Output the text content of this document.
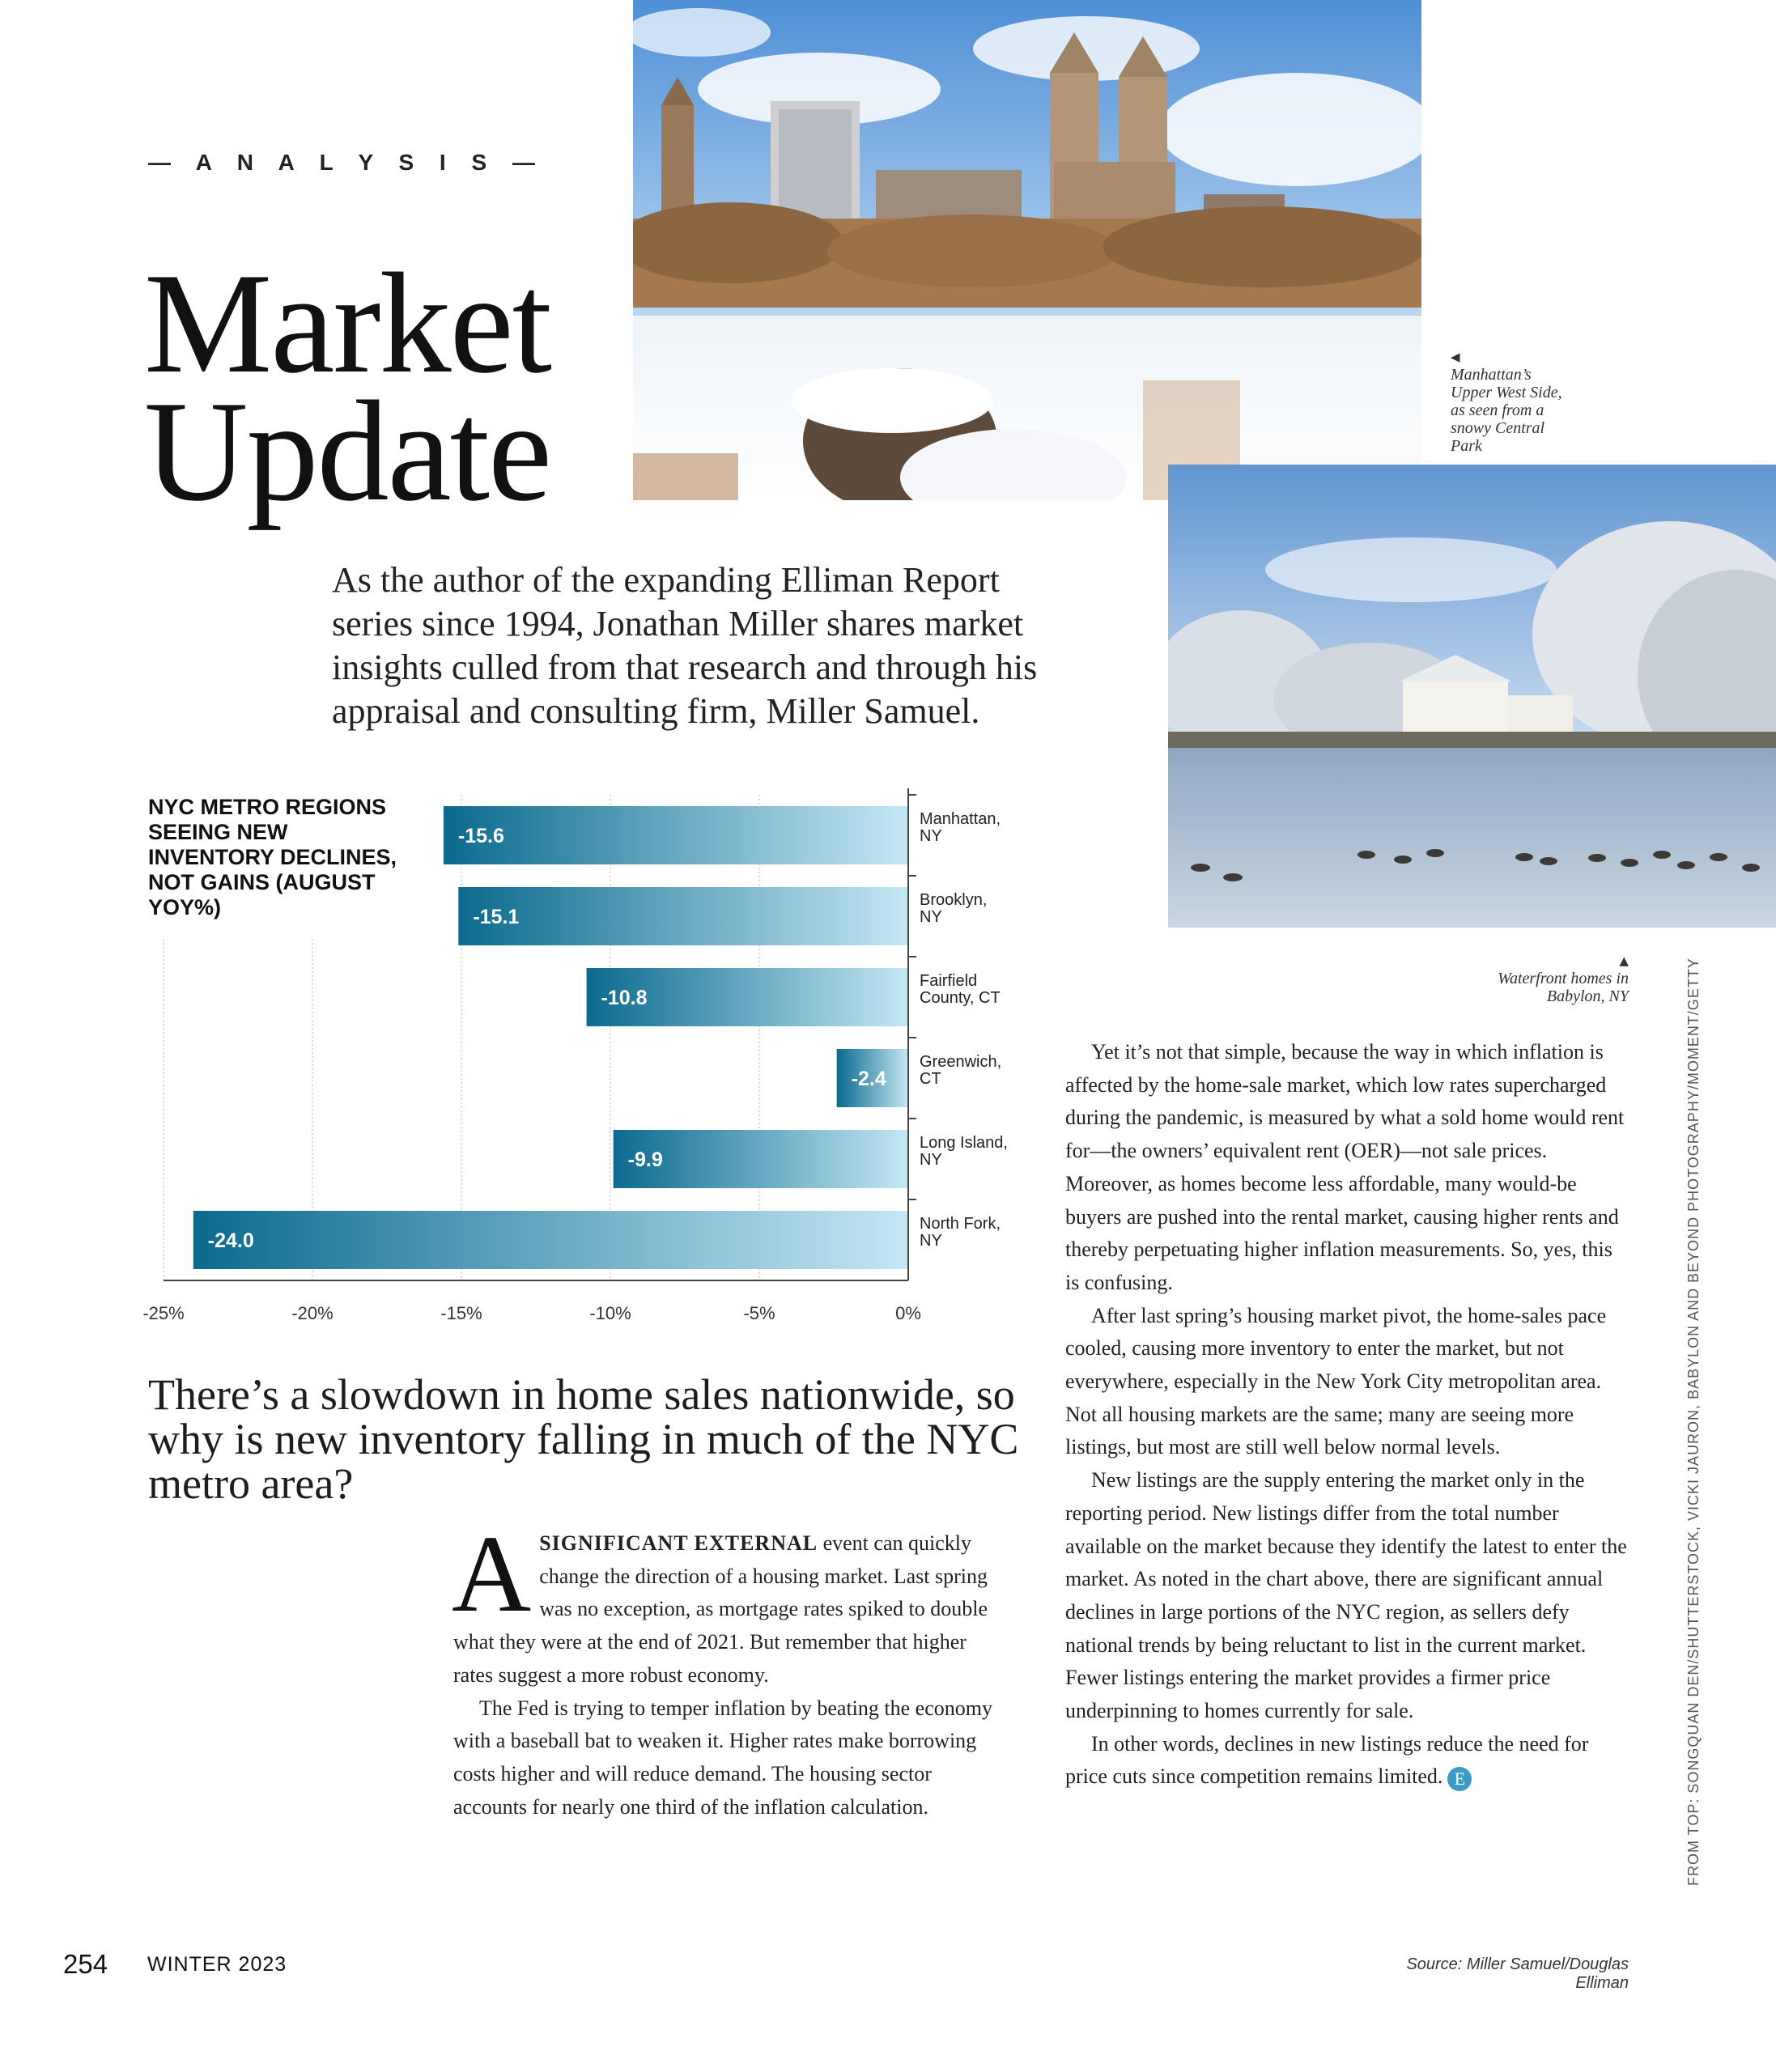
— A N A L Y S I S —
Market
Update
As the author of the expanding Elliman Report series since 1994, Jonathan Miller shares market insights culled from that research and through his appraisal and consulting firm, Miller Samuel.
◀
Manhattan’s Upper West Side, as seen from a snowy Central Park
▲
Waterfront homes in Babylon, NY
NYC METRO REGIONS SEEING NEW INVENTORY DECLINES, NOT GAINS (AUGUST YOY%)
-15.6
Manhattan,
NY
-15.1
Brooklyn,
NY
-10.8
Fairfield
County, CT
-2.4
Greenwich,
CT
-9.9
Long Island,
NY
-24.0
North Fork,
NY
-25%	-20%	-15%	-10%	-5%	0%
There’s a slowdown in home sales nationwide, so why is new inventory falling in much of the NYC metro area?

ASIGNIFICANT EXTERNAL event can quickly change the direction of a housing market. Last spring was no exception, as mortgage rates spiked to double what they were at the end of 2021. But remember that higher rates suggest a more robust economy.

The Fed is trying to temper inflation by beating the economy with a baseball bat to weaken it. Higher rates make borrowing costs higher and will reduce demand. The housing sector accounts for nearly one third of the inflation calculation.

Yet it’s not that simple, because the way in which inflation is affected by the home-sale market, which low rates supercharged during the pandemic, is measured by what a sold home would rent for—the owners’ equivalent rent (OER)—not sale prices. Moreover, as homes become less affordable, many would-be buyers are pushed into the rental market, causing higher rents and thereby perpetuating higher inflation measurements. So, yes, this is confusing.

After last spring’s housing market pivot, the home-sales pace cooled, causing more inventory to enter the market, but not everywhere, especially in the New York City metropolitan area. Not all housing markets are the same; many are seeing more listings, but most are still well below normal levels.

New listings are the supply entering the market only in the reporting period. New listings differ from the total number available on the market because they identify the latest to enter the market. As noted in the chart above, there are significant annual declines in large portions of the NYC region, as sellers defy national trends by being reluctant to list in the current market. Fewer listings entering the market provides a firmer price underpinning to homes currently for sale.

In other words, declines in new listings reduce the need for price cuts since competition remains limited. E	FROM TOP: SONGQUAN DEN/SHUTTERSTOCK, VICKI JAURON, BABYLON AND BEYOND PHOTOGRAPHY/MOMENT/GETTY
254 WINTER 2023	Source: Miller Samuel/Douglas Elliman
